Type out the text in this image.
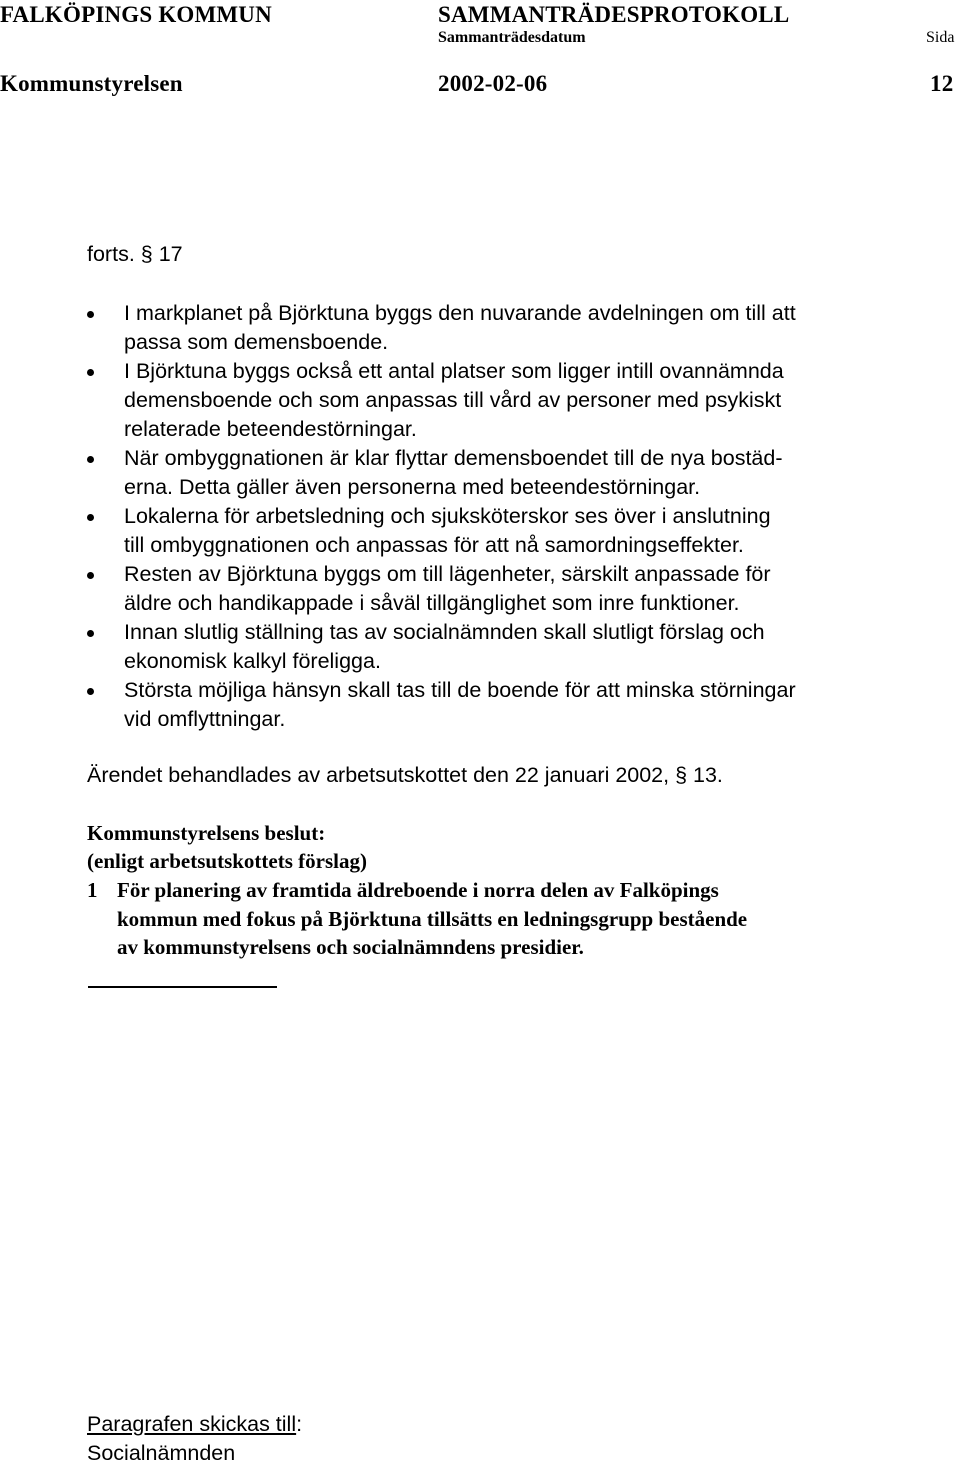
FALKÖPINGS KOMMUN	SAMMANTRÄDESPROTOKOLL
Sammanträdesdatum	Sida
Kommunstyrelsen	2002-02-06	12
forts. § 17
I markplanet på Björktuna byggs den nuvarande avdelningen om till att
passa som demensboende.
I Björktuna byggs också ett antal platser som ligger intill ovannämnda
demensboende och som anpassas till vård av personer med psykiskt
relaterade beteendestörningar.
När ombyggnationen är klar flyttar demensboendet till de nya bostäd-
erna. Detta gäller även personerna med beteendestörningar.
Lokalerna för arbetsledning och sjuksköterskor ses över i anslutning
till ombyggnationen och anpassas för att nå samordningseffekter.
Resten av Björktuna byggs om till lägenheter, särskilt anpassade för
äldre och handikappade i såväl tillgänglighet som inre funktioner.
Innan slutlig ställning tas av socialnämnden skall slutligt förslag och
ekonomisk kalkyl föreligga.
Största möjliga hänsyn skall tas till de boende för att minska störningar
vid omflyttningar.
Ärendet behandlades av arbetsutskottet den 22 januari 2002, § 13.
Kommunstyrelsens beslut:
(enligt arbetsutskottets förslag)
1 För planering av framtida äldreboende i norra delen av Falköpings
kommun med fokus på Björktuna tillsätts en ledningsgrupp bestående
av kommunstyrelsens och socialnämndens presidier.
Paragrafen skickas till:
Socialnämnden
